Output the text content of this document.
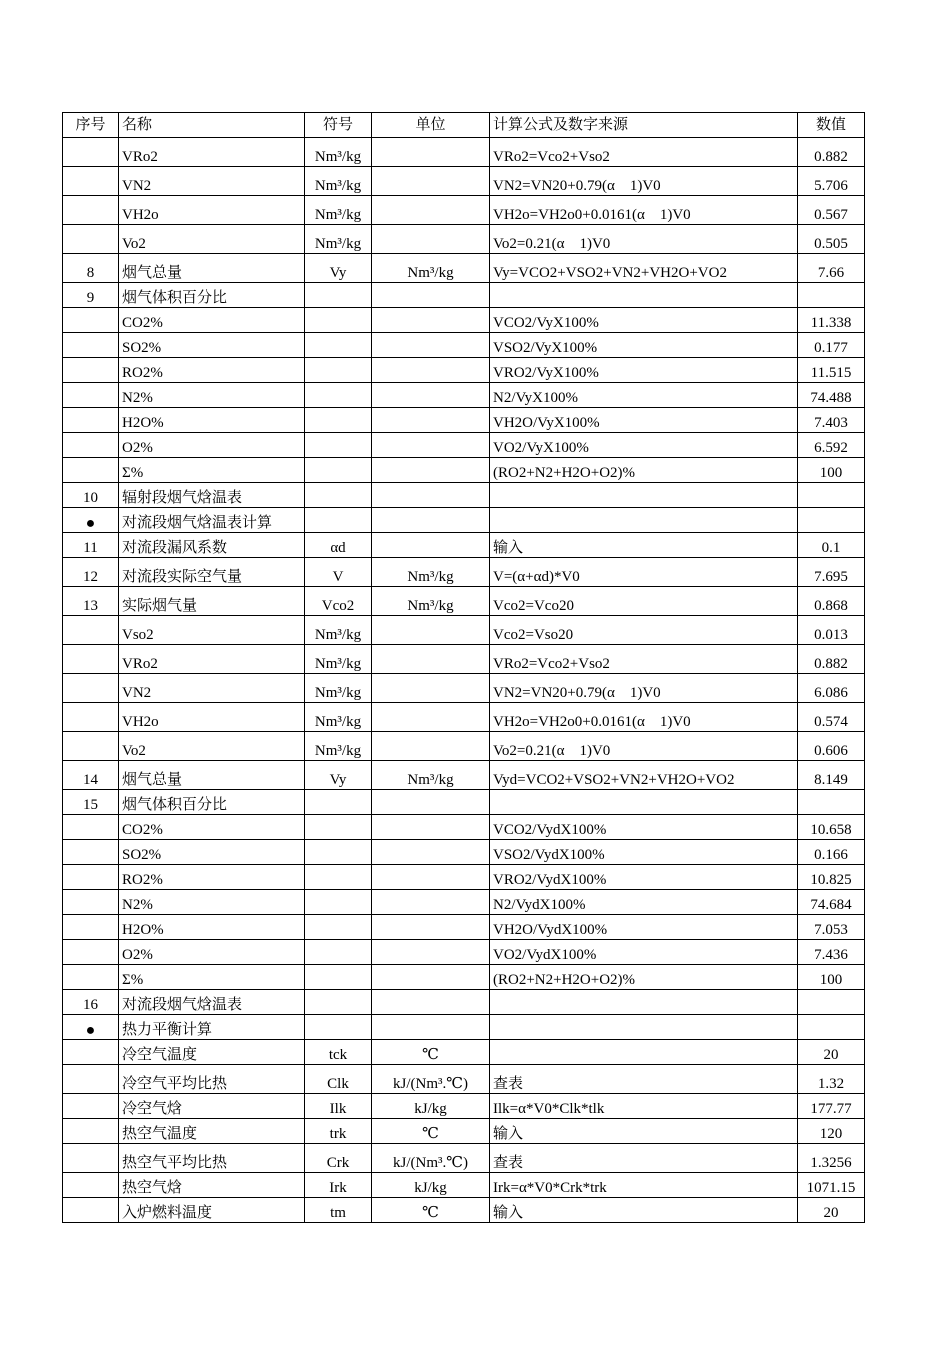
序号	名称	符号	单位	计算公式及数字来源	数值
	VRo2	Nm³/kg		VRo2=Vco2+Vso2	0.882
	VN2	Nm³/kg		VN2=VN20+0.79(α　1)V0	5.706
	VH2o	Nm³/kg		VH2o=VH2o0+0.0161(α　1)V0	0.567
	Vo2	Nm³/kg		Vo2=0.21(α　1)V0	0.505
8	烟气总量	Vy	Nm³/kg	Vy=VCO2+VSO2+VN2+VH2O+VO2	7.66
9	烟气体积百分比				
	CO2%			VCO2/VyX100%	11.338
	SO2%			VSO2/VyX100%	0.177
	RO2%			VRO2/VyX100%	11.515
	N2%			N2/VyX100%	74.488
	H2O%			VH2O/VyX100%	7.403
	O2%			VO2/VyX100%	6.592
	Σ%			(RO2+N2+H2O+O2)%	100
10	辐射段烟气焓温表				
●	对流段烟气焓温表计算				
11	对流段漏风系数	αd		输入	0.1
12	对流段实际空气量	V	Nm³/kg	V=(α+αd)*V0	7.695
13	实际烟气量	Vco2	Nm³/kg	Vco2=Vco20	0.868
	Vso2	Nm³/kg		Vco2=Vso20	0.013
	VRo2	Nm³/kg		VRo2=Vco2+Vso2	0.882
	VN2	Nm³/kg		VN2=VN20+0.79(α　1)V0	6.086
	VH2o	Nm³/kg		VH2o=VH2o0+0.0161(α　1)V0	0.574
	Vo2	Nm³/kg		Vo2=0.21(α　1)V0	0.606
14	烟气总量	Vy	Nm³/kg	Vyd=VCO2+VSO2+VN2+VH2O+VO2	8.149
15	烟气体积百分比				
	CO2%			VCO2/VydX100%	10.658
	SO2%			VSO2/VydX100%	0.166
	RO2%			VRO2/VydX100%	10.825
	N2%			N2/VydX100%	74.684
	H2O%			VH2O/VydX100%	7.053
	O2%			VO2/VydX100%	7.436
	Σ%			(RO2+N2+H2O+O2)%	100
16	对流段烟气焓温表				
●	热力平衡计算				
	冷空气温度	tck	℃		20
	冷空气平均比热	Clk	kJ/(Nm³.℃)	查表	1.32
	冷空气焓	Ilk	kJ/kg	Ilk=α*V0*Clk*tlk	177.77
	热空气温度	trk	℃	输入	120
	热空气平均比热	Crk	kJ/(Nm³.℃)	查表	1.3256
	热空气焓	Irk	kJ/kg	Irk=α*V0*Crk*trk	1071.15
	入炉燃料温度	tm	℃	输入	20
